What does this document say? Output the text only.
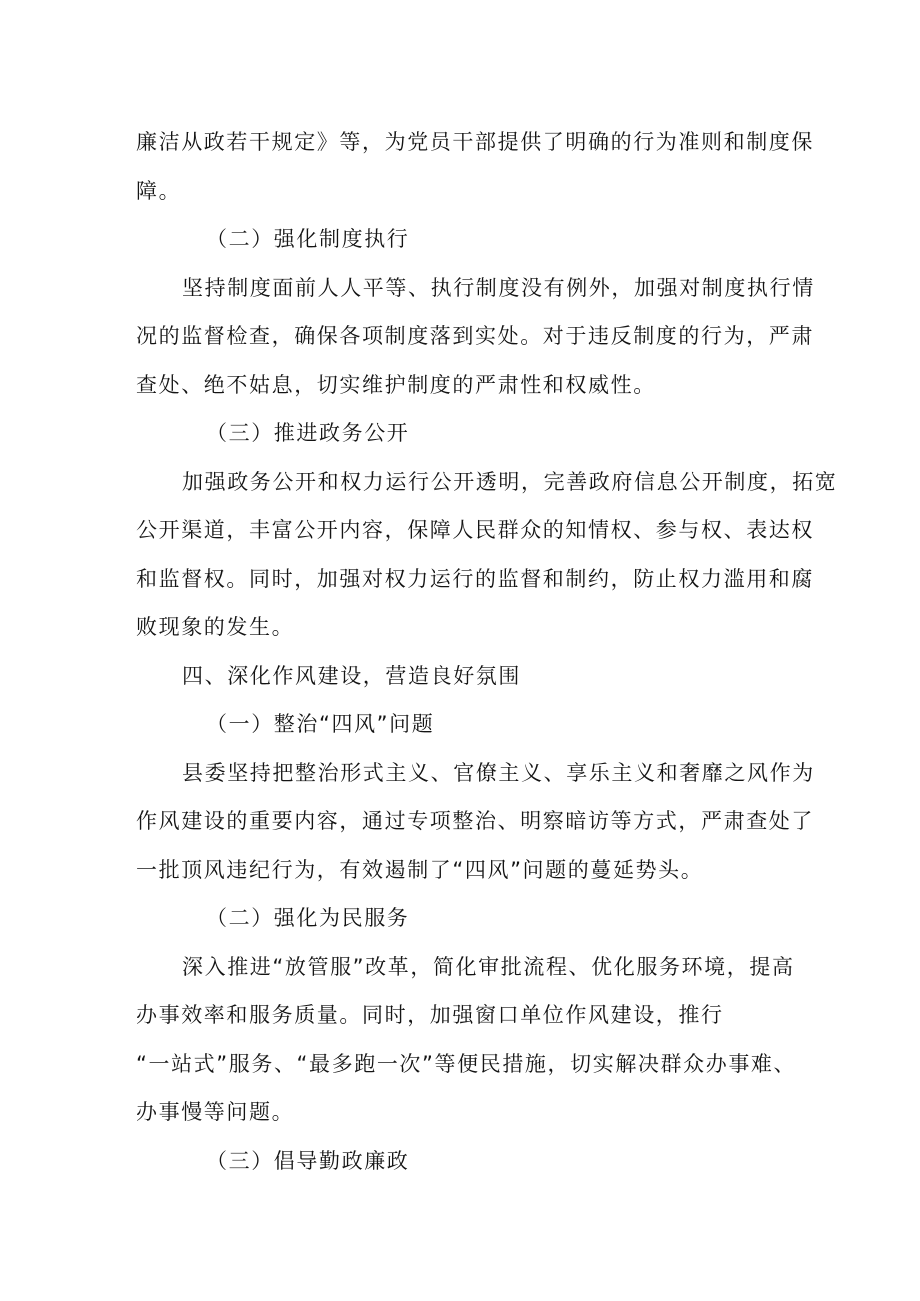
廉洁从政若干规定》等，为党员干部提供了明确的行为准则和制度保
障。
（二）强化制度执行
坚持制度面前人人平等、执行制度没有例外，加强对制度执行情
况的监督检查，确保各项制度落到实处。对于违反制度的行为，严肃
查处、绝不姑息，切实维护制度的严肃性和权威性。
（三）推进政务公开
加强政务公开和权力运行公开透明，完善政府信息公开制度，拓宽
公开渠道，丰富公开内容，保障人民群众的知情权、参与权、表达权
和监督权。同时，加强对权力运行的监督和制约，防止权力滥用和腐
败现象的发生。
四、深化作风建设，营造良好氛围
（一）整治“四风”问题
县委坚持把整治形式主义、官僚主义、享乐主义和奢靡之风作为
作风建设的重要内容，通过专项整治、明察暗访等方式，严肃查处了
一批顶风违纪行为，有效遏制了“四风”问题的蔓延势头。
（二）强化为民服务
深入推进“放管服”改革，简化审批流程、优化服务环境，提高
办事效率和服务质量。同时，加强窗口单位作风建设，推行
“一站式”服务、“最多跑一次”等便民措施，切实解决群众办事难、
办事慢等问题。
（三）倡导勤政廉政
